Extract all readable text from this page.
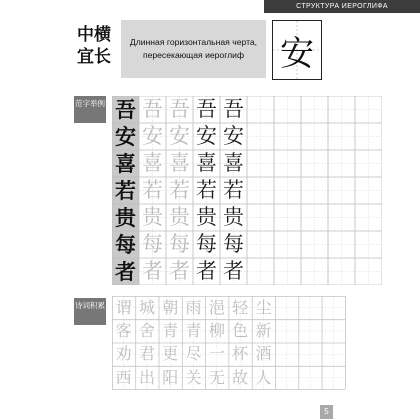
СТРУКТУРА ИЕРОГЛИФА
中横宜长
Длинная горизонтальная черта, пересекающая иероглиф	安
范字举例 吾 吾 吾 吾 吾
安 安 安 安 安
喜 喜 喜 喜 喜
若 若 若 若 若
贵 贵 贵 贵 贵
每 每 每 每 每
者 者 者 者 者
诗词积累 谓 城 朝 雨 浥 轻 尘
客 舍 青 青 柳 色 新
劝 君 更 尽 一 杯 酒
西 出 阳 关 无 故 人
5
